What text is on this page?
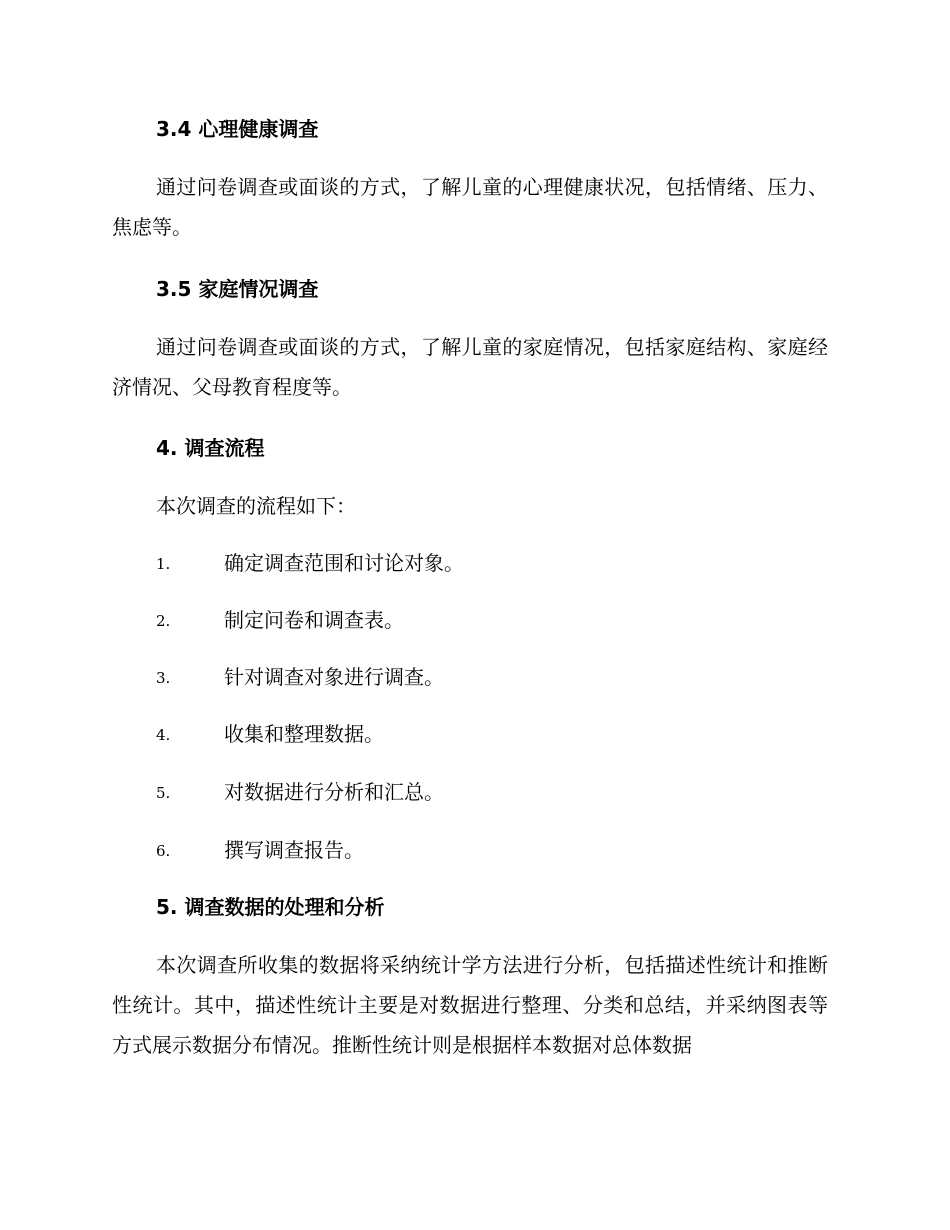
3.4 心理健康调查
通过问卷调查或面谈的方式，了解儿童的心理健康状况，包括情绪、压力、焦虑等。
3.5 家庭情况调查
通过问卷调查或面谈的方式，了解儿童的家庭情况，包括家庭结构、家庭经济情况、父母教育程度等。
4. 调查流程
本次调查的流程如下：
1.	确定调查范围和讨论对象。
2.	制定问卷和调查表。
3.	针对调查对象进行调查。
4.	收集和整理数据。
5.	对数据进行分析和汇总。
6.	撰写调查报告。
5. 调查数据的处理和分析
本次调查所收集的数据将采纳统计学方法进行分析，包括描述性统计和推断性统计。其中，描述性统计主要是对数据进行整理、分类和总结，并采纳图表等方式展示数据分布情况。推断性统计则是根据样本数据对总体数据
